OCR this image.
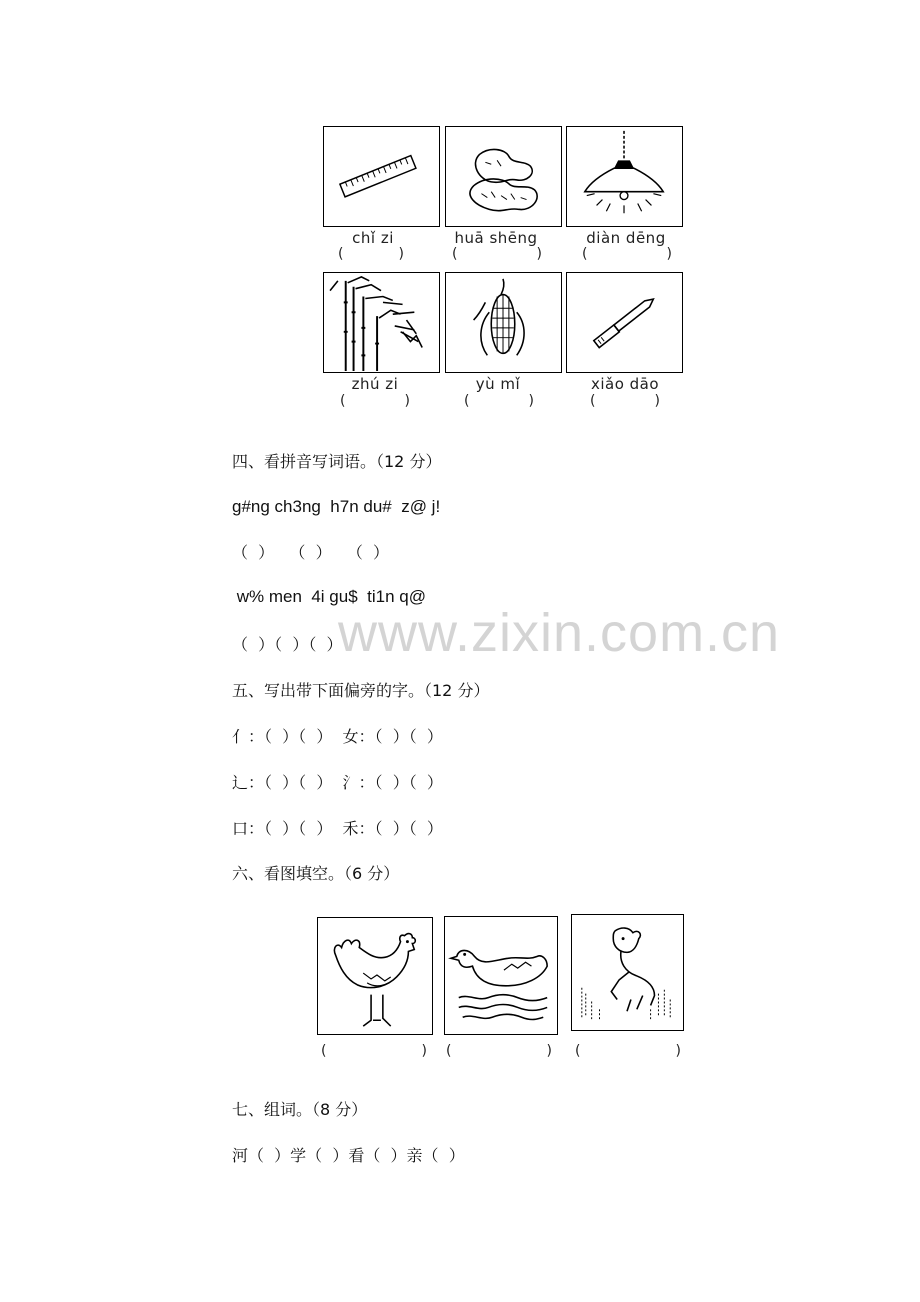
chǐ zi	huā shēng	diàn dēng
(	)	(	)	(	)
zhú zi	yù mǐ	xiǎo dāo
(	)	(	)	(	)
四、看拼音写词语。（12 分）
g#ng ch3ng  h7n du#  z@ j!
（  ）   （  ）   （  ）
w% men  4i gu$  ti1n q@
（  ）（  ）（  ）
www.zixin.com.cn
五、写出带下面偏旁的字。（12 分）
亻：（  ）（  ）  女：（  ）（  ）
辶：（  ）（  ）  氵：（  ）（  ）
口：（  ）（  ）  禾：（  ）（  ）
六、看图填空。（6 分）
(	) (	) (	)
七、组词。（8 分）
河（  ）学（  ）看（  ）亲（  ）
